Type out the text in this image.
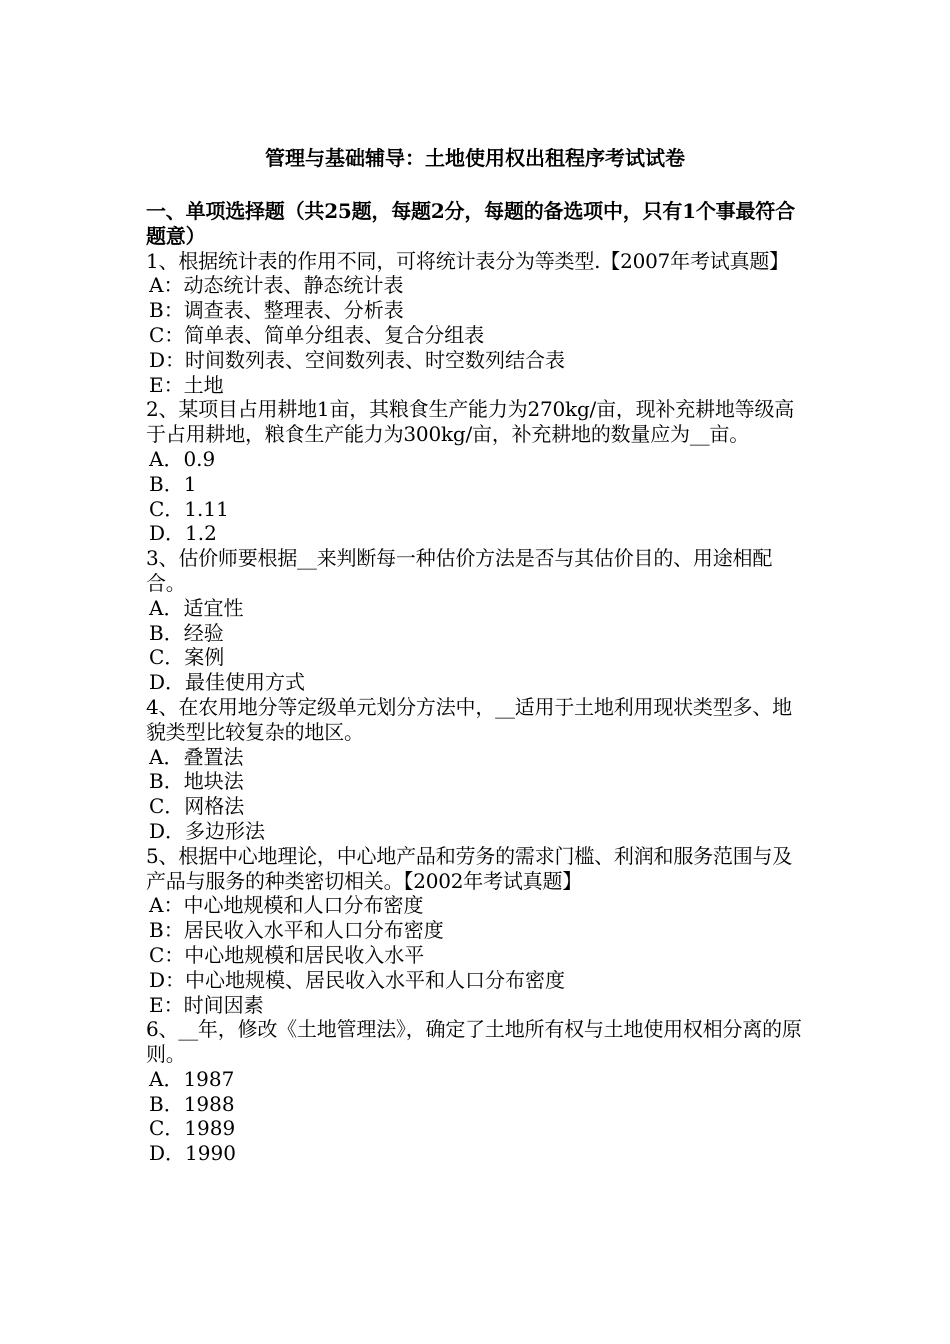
管理与基础辅导：土地使用权出租程序考试试卷
一、单项选择题（共25题，每题2分，每题的备选项中，只有1个事最符合题意）
1、根据统计表的作用不同，可将统计表分为等类型.【2007年考试真题】
A：动态统计表、静态统计表
B：调查表、整理表、分析表
C：简单表、简单分组表、复合分组表
D：时间数列表、空间数列表、时空数列结合表
E：土地
2、某项目占用耕地1亩，其粮食生产能力为270kg/亩，现补充耕地等级高于占用耕地，粮食生产能力为300kg/亩，补充耕地的数量应为__亩。
A．0.9
B．1
C．1.11
D．1.2
3、估价师要根据__来判断每一种估价方法是否与其估价目的、用途相配合。
A．适宜性
B．经验
C．案例
D．最佳使用方式
4、在农用地分等定级单元划分方法中，__适用于土地利用现状类型多、地貌类型比较复杂的地区。
A．叠置法
B．地块法
C．网格法
D．多边形法
5、根据中心地理论，中心地产品和劳务的需求门槛、利润和服务范围与及产品与服务的种类密切相关。【2002年考试真题】
A：中心地规模和人口分布密度
B：居民收入水平和人口分布密度
C：中心地规模和居民收入水平
D：中心地规模、居民收入水平和人口分布密度
E：时间因素
6、__年，修改《土地管理法》，确定了土地所有权与土地使用权相分离的原则。
A．1987
B．1988
C．1989
D．1990
